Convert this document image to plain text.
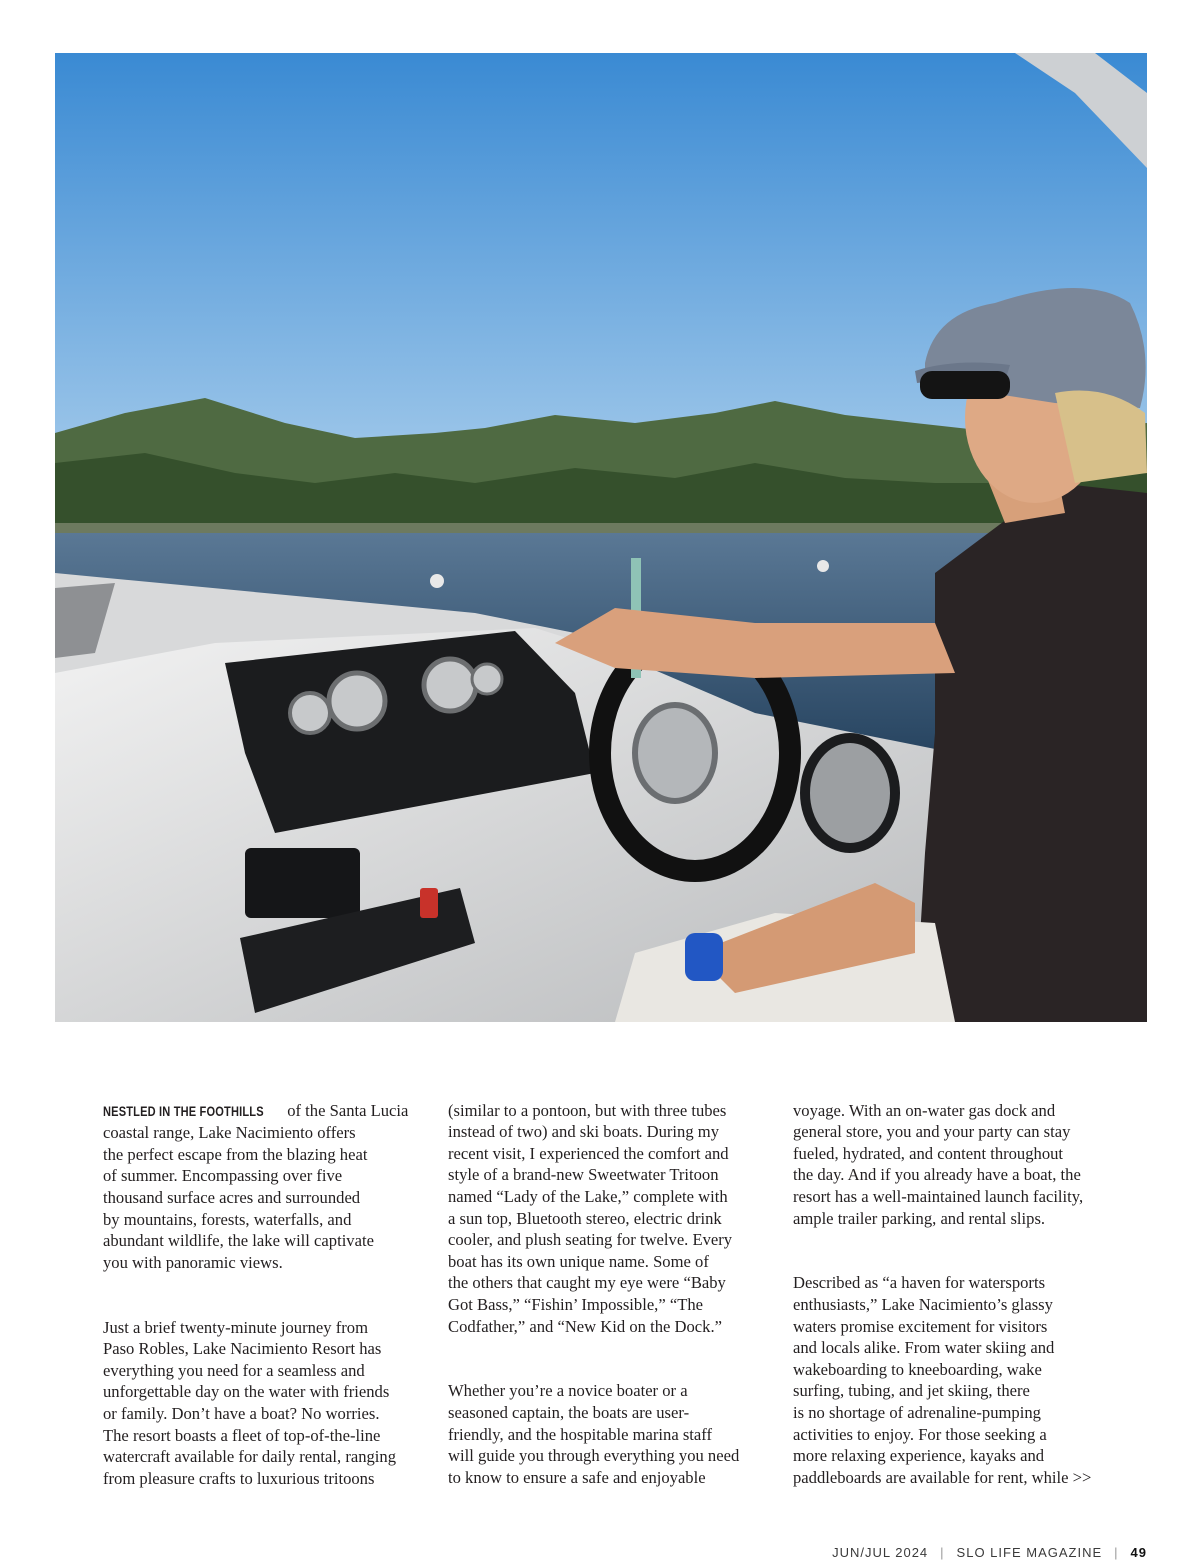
NESTLED IN THE FOOTHILLS of the Santa Lucia
coastal range, Lake Nacimiento offers
the perfect escape from the blazing heat
of summer. Encompassing over five
thousand surface acres and surrounded
by mountains, forests, waterfalls, and
abundant wildlife, the lake will captivate
you with panoramic views.

Just a brief twenty-minute journey from
Paso Robles, Lake Nacimiento Resort has
everything you need for a seamless and
unforgettable day on the water with friends
or family. Don’t have a boat? No worries.
The resort boasts a fleet of top-of-the-line
watercraft available for daily rental, ranging
from pleasure crafts to luxurious tritoons

(similar to a pontoon, but with three tubes
instead of two) and ski boats. During my
recent visit, I experienced the comfort and
style of a brand-new Sweetwater Tritoon
named “Lady of the Lake,” complete with
a sun top, Bluetooth stereo, electric drink
cooler, and plush seating for twelve. Every
boat has its own unique name. Some of
the others that caught my eye were “Baby
Got Bass,” “Fishin’ Impossible,” “The
Codfather,” and “New Kid on the Dock.”

Whether you’re a novice boater or a
seasoned captain, the boats are user-
friendly, and the hospitable marina staff
will guide you through everything you need
to know to ensure a safe and enjoyable

voyage. With an on-water gas dock and
general store, you and your party can stay
fueled, hydrated, and content throughout
the day. And if you already have a boat, the
resort has a well-maintained launch facility,
ample trailer parking, and rental slips.

Described as “a haven for watersports
enthusiasts,” Lake Nacimiento’s glassy
waters promise excitement for visitors
and locals alike. From water skiing and
wakeboarding to kneeboarding, wake
surfing, tubing, and jet skiing, there
is no shortage of adrenaline-pumping
activities to enjoy. For those seeking a
more relaxing experience, kayaks and
paddleboards are available for rent, while >>

JUN/JUL 2024 | SLO LIFE MAGAZINE | 49
